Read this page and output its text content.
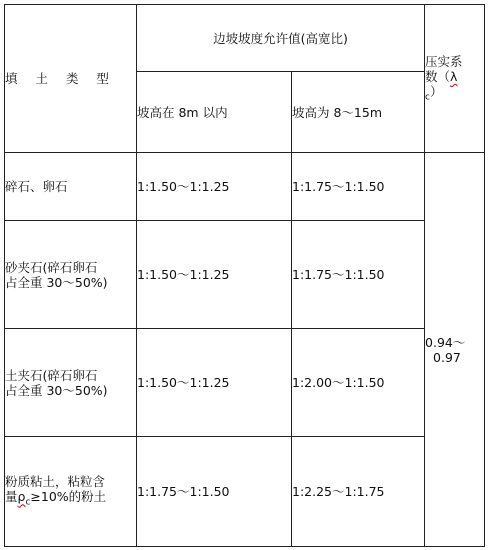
填 土 类 型	边坡坡度允许值(高宽比)		压实系
数（λ
$_c$）

	坡高在 8m 以内	坡高为 8～15m	
碎石、卵石	1:1.50～1:1.25	1:1.75～1:1.50	0.94～
0.97

砂夹石(碎石卵石
占全重 30～50%)	1:1.50～1:1.25	1:1.75～1:1.50	

土夹石(碎石卵石
占全重 30～50%)	1:1.50～1:1.25	1:2.00～1:1.50	

粉质粘土，粘粒含
量$\rho_c\ge 10\%$的粉土	1:1.75～1:1.50	1:2.25～1:1.75	
